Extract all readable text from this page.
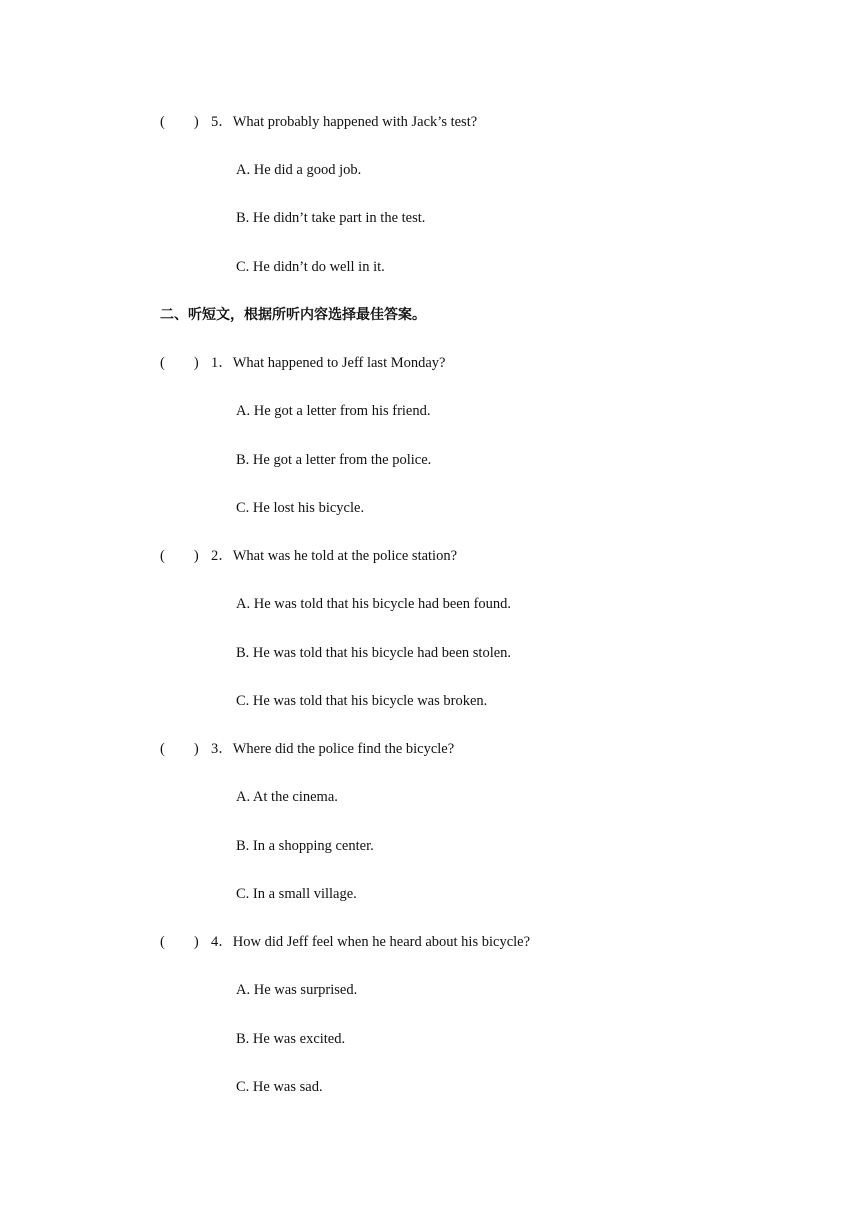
(　　) 5．What probably happened with Jack’s test?
A. He did a good job.
B. He didn’t take part in the test.
C. He didn’t do well in it.
二、听短文，根据所听内容选择最佳答案。
(　　) 1．What happened to Jeff last Monday?
A. He got a letter from his friend.
B. He got a letter from the police.
C. He lost his bicycle.
(　　) 2．What was he told at the police station?
A. He was told that his bicycle had been found.
B. He was told that his bicycle had been stolen.
C. He was told that his bicycle was broken.
(　　) 3．Where did the police find the bicycle?
A. At the cinema.
B. In a shopping center.
C. In a small village.
(　　) 4．How did Jeff feel when he heard about his bicycle?
A. He was surprised.
B. He was excited.
C. He was sad.
